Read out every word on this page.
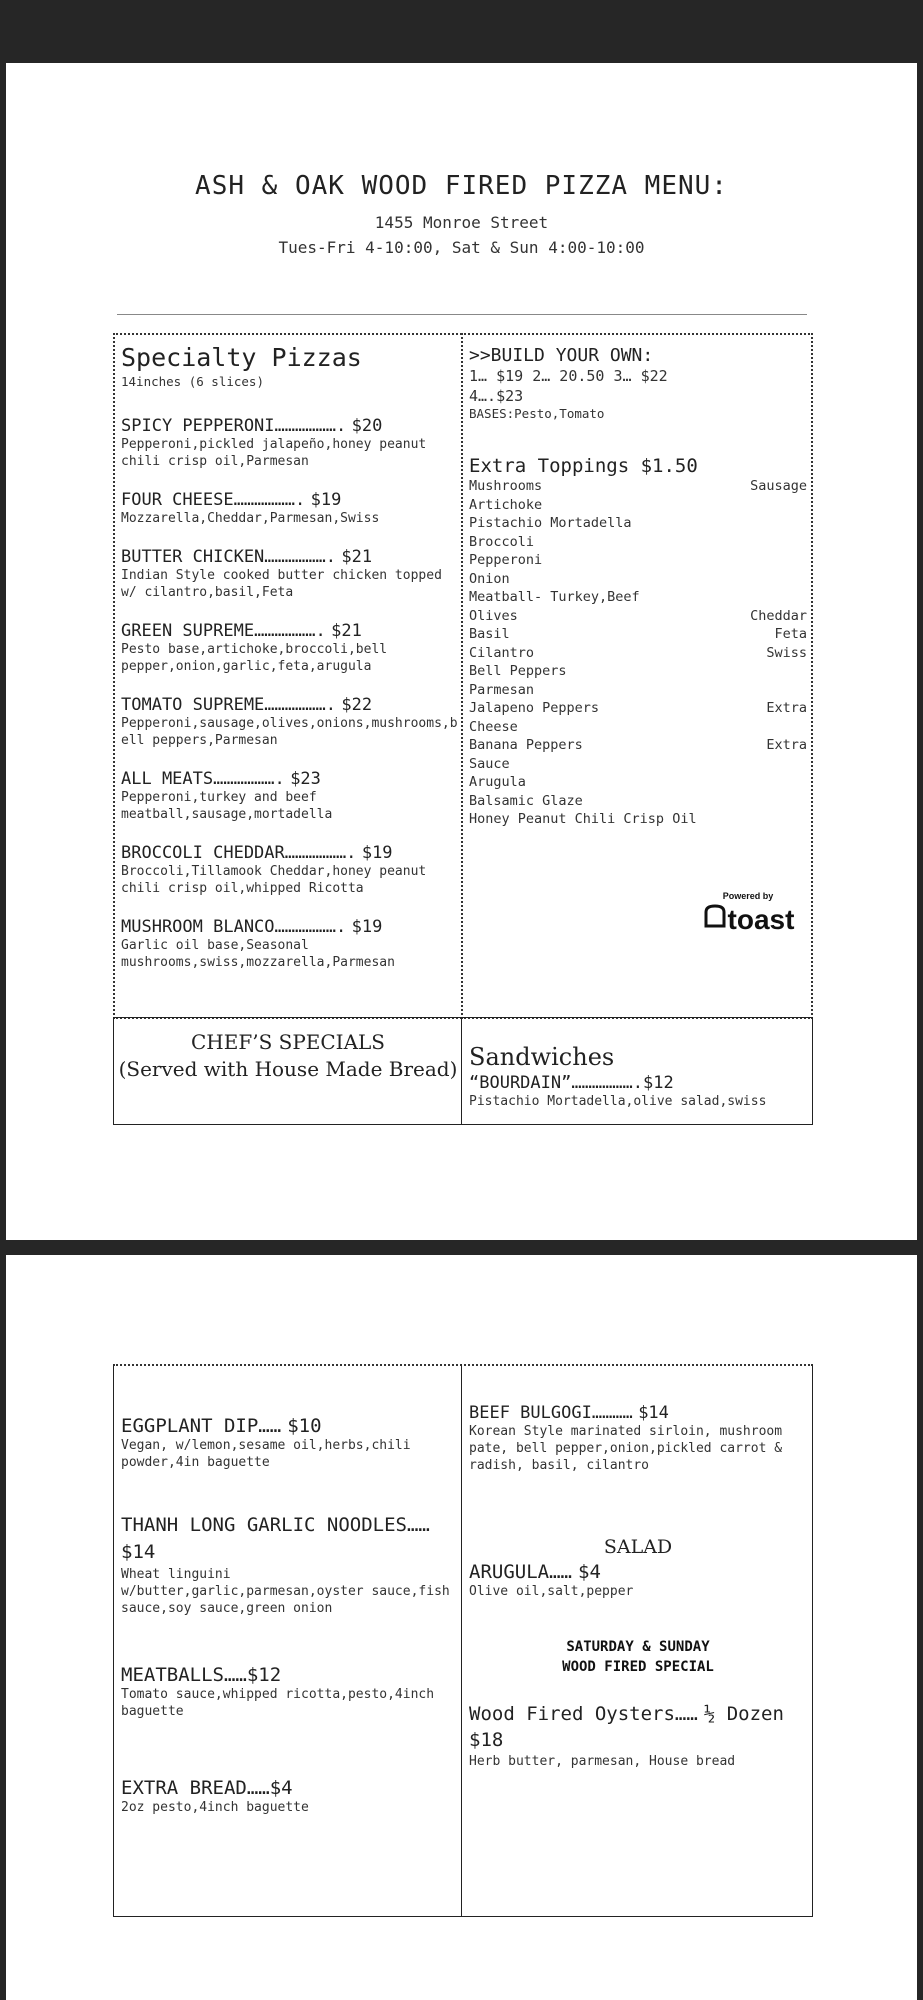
ASH & OAK WOOD FIRED PIZZA MENU:
1455 Monroe Street
Tues-Fri 4-10:00, Sat & Sun 4:00-10:00
Specialty Pizzas
14inches (6 slices)
SPICY PEPPERONI………………. $20
Pepperoni,pickled jalapeño,honey peanut chili crisp oil,Parmesan
FOUR CHEESE………………. $19
Mozzarella,Cheddar,Parmesan,Swiss
BUTTER CHICKEN………………. $21
Indian Style cooked butter chicken topped w/ cilantro,basil,Feta
GREEN SUPREME………………. $21
Pesto base,artichoke,broccoli,bell pepper,onion,garlic,feta,arugula
TOMATO SUPREME………………. $22
Pepperoni,sausage,olives,onions,mushrooms,bell peppers,Parmesan
ALL MEATS………………. $23
Pepperoni,turkey and beef meatball,sausage,mortadella
BROCCOLI CHEDDAR………………. $19
Broccoli,Tillamook Cheddar,honey peanut chili crisp oil,whipped Ricotta
MUSHROOM BLANCO………………. $19
Garlic oil base,Seasonal mushrooms,swiss,mozzarella,Parmesan
>>BUILD YOUR OWN:
1… $19 2… 20.50 3… $22
4….$23
BASES:Pesto,Tomato
Extra Toppings $1.50
Mushrooms	Sausage
Artichoke
Pistachio Mortadella
Broccoli
Pepperoni
Onion
Meatball- Turkey,Beef
Olives	Cheddar
Basil	Feta
Cilantro	Swiss
Bell Peppers
Parmesan
Jalapeno Peppers	Extra
Cheese
Banana Peppers	Extra
Sauce
Arugula
Balsamic Glaze
Honey Peanut Chili Crisp Oil
Powered by
toast
CHEF’S SPECIALS
(Served with House Made Bread) Sandwiches
“BOURDAIN”……………….$12
Pistachio Mortadella,olive salad,swiss
EGGPLANT DIP…… $10
Vegan, w/lemon,sesame oil,herbs,chili powder,4in baguette
THANH LONG GARLIC NOODLES…… $14
Wheat linguini w/butter,garlic,parmesan,oyster sauce,fish sauce,soy sauce,green onion
MEATBALLS……$12
Tomato sauce,whipped ricotta,pesto,4inch baguette
EXTRA BREAD……$4
2oz pesto,4inch baguette
BEEF BULGOGI………… $14
Korean Style marinated sirloin, mushroom pate, bell pepper,onion,pickled carrot & radish, basil, cilantro
SALAD
ARUGULA…… $4
Olive oil,salt,pepper
SATURDAY & SUNDAY
WOOD FIRED SPECIAL
Wood Fired Oysters…… ½ Dozen $18
Herb butter, parmesan, House bread
